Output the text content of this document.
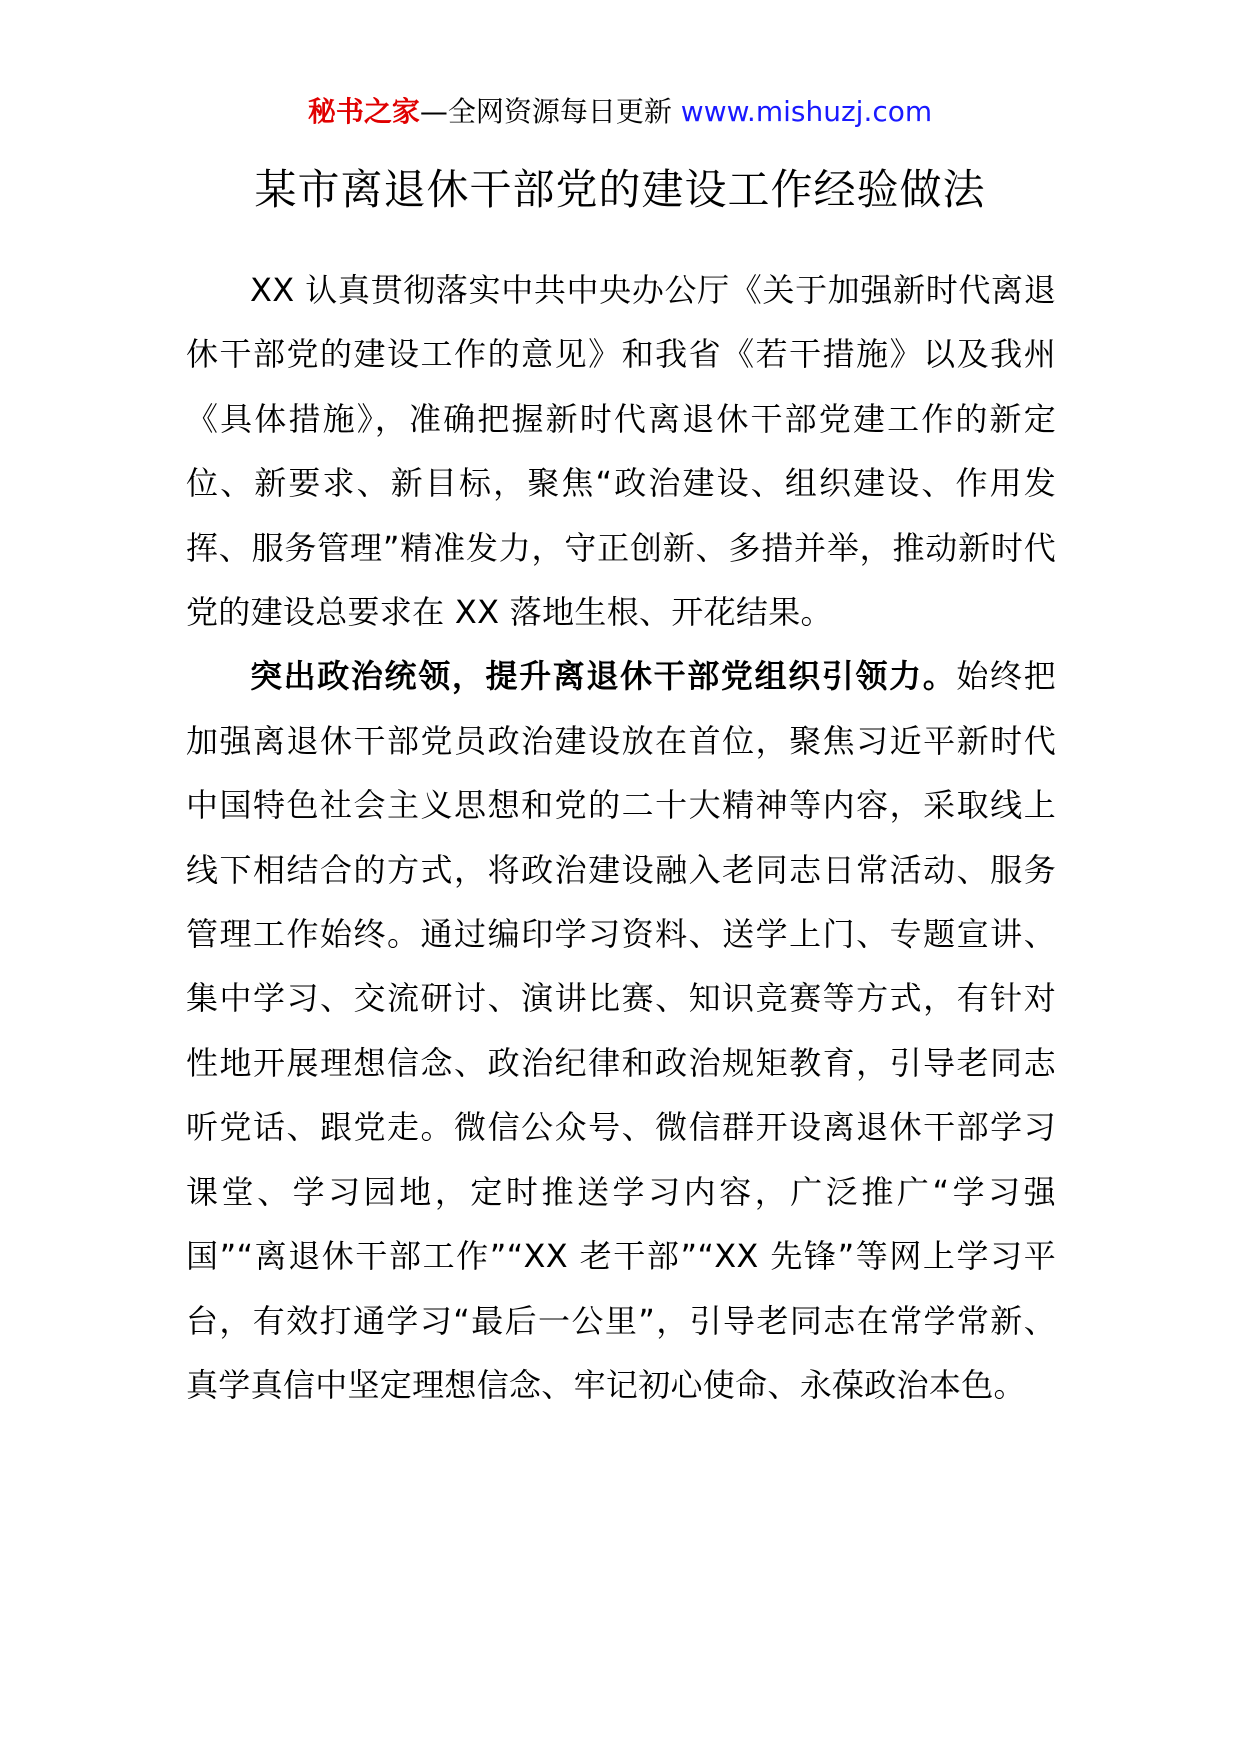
秘书之家—全网资源每日更新 www.mishuzj.com
某市离退休干部党的建设工作经验做法

XX 认真贯彻落实中共中央办公厅《关于加强新时代离退休干部党的建设工作的意见》和我省《若干措施》以及我州《具体措施》，准确把握新时代离退休干部党建工作的新定位、新要求、新目标，聚焦“政治建设、组织建设、作用发挥、服务管理”精准发力，守正创新、多措并举，推动新时代党的建设总要求在 XX 落地生根、开花结果。

突出政治统领，提升离退休干部党组织引领力。始终把加强离退休干部党员政治建设放在首位，聚焦习近平新时代中国特色社会主义思想和党的二十大精神等内容，采取线上线下相结合的方式，将政治建设融入老同志日常活动、服务管理工作始终。通过编印学习资料、送学上门、专题宣讲、集中学习、交流研讨、演讲比赛、知识竞赛等方式，有针对性地开展理想信念、政治纪律和政治规矩教育，引导老同志听党话、跟党走。微信公众号、微信群开设离退休干部学习课堂、学习园地，定时推送学习内容，广泛推广“学习强国”“离退休干部工作”“XX 老干部”“XX 先锋”等网上学习平台，有效打通学习“最后一公里”，引导老同志在常学常新、真学真信中坚定理想信念、牢记初心使命、永葆政治本色。
